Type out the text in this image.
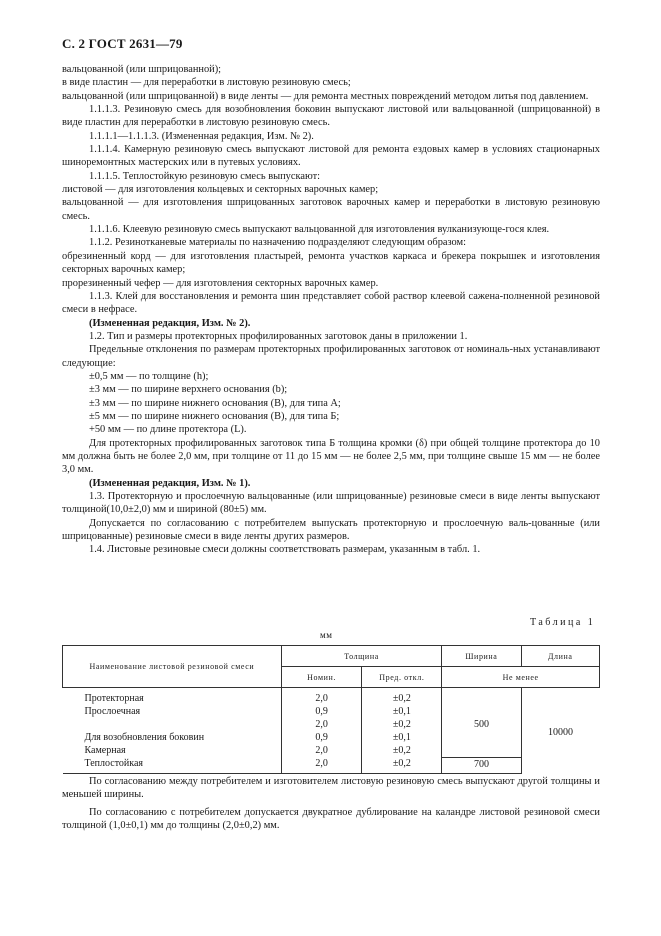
С. 2 ГОСТ 2631—79

вальцованной (или шприцованной);

в виде пластин — для переработки в листовую резиновую смесь;

вальцованной (или шприцованной) в виде ленты — для ремонта местных повреждений методом литья под давлением.

1.1.1.3. Резиновую смесь для возобновления боковин выпускают листовой или вальцованной (шприцованной) в виде пластин для переработки в листовую резиновую смесь.

1.1.1.1—1.1.1.3. (Измененная редакция, Изм. № 2).

1.1.1.4. Камерную резиновую смесь выпускают листовой для ремонта ездовых камер в условиях стационарных шиноремонтных мастерских или в путевых условиях.

1.1.1.5. Теплостойкую резиновую смесь выпускают:

листовой — для изготовления кольцевых и секторных варочных камер;

вальцованной — для изготовления шприцованных заготовок варочных камер и переработки в листовую резиновую смесь.

1.1.1.6. Клеевую резиновую смесь выпускают вальцованной для изготовления вулканизующе-гося клея.

1.1.2. Резинотканевые материалы по назначению подразделяют следующим образом:

обрезиненный корд — для изготовления пластырей, ремонта участков каркаса и брекера покрышек и изготовления секторных варочных камер;

прорезиненный чефер — для изготовления секторных варочных камер.

1.1.3. Клей для восстановления и ремонта шин представляет собой раствор клеевой сажена-полненной резиновой смеси в нефрасе.

(Измененная редакция, Изм. № 2).

1.2. Тип и размеры протекторных профилированных заготовок даны в приложении 1.

Предельные отклонения по размерам протекторных профилированных заготовок от номиналь-ных устанавливают следующие:

±0,5 мм — по толщине (h);

±3 мм — по ширине верхнего основания (b);

±3 мм — по ширине нижнего основания (B), для типа А;

±5 мм — по ширине нижнего основания (B), для типа Б;

+50 мм — по длине протектора (L).

Для протекторных профилированных заготовок типа Б толщина кромки (δ) при общей толщине протектора до 10 мм должна быть не более 2,0 мм, при толщине от 11 до 15 мм — не более 2,5 мм, при толщине свыше 15 мм — не более 3,0 мм.

(Измененная редакция, Изм. № 1).

1.3. Протекторную и прослоечную вальцованные (или шприцованные) резиновые смеси в виде ленты выпускают толщиной(10,0±2,0) мм и шириной (80±5) мм.

Допускается по согласованию с потребителем выпускать протекторную и прослоечную валь-цованные (или шприцованные) резиновые смеси в виде ленты других размеров.

1.4. Листовые резиновые смеси должны соответствовать размерам, указанным в табл. 1.

Таблица 1
мм
Наименование листовой резиновой смеси	Толщина		Ширина	Длина
	Номин.	Пред. откл.	Не менее	
Протекторная	2,0	±0,2	500	10000
Прослоечная	0,9	±0,1		
	2,0	±0,2		
Для возобновления боковин	0,9	±0,1		
Камерная	2,0	±0,2		
Теплостойкая	2,0	±0,2	700	

По согласованию между потребителем и изготовителем листовую резиновую смесь выпускают другой толщины и меньшей ширины.

По согласованию с потребителем допускается двукратное дублирование на каландре листовой резиновой смеси толщиной (1,0±0,1) мм до толщины (2,0±0,2) мм.
